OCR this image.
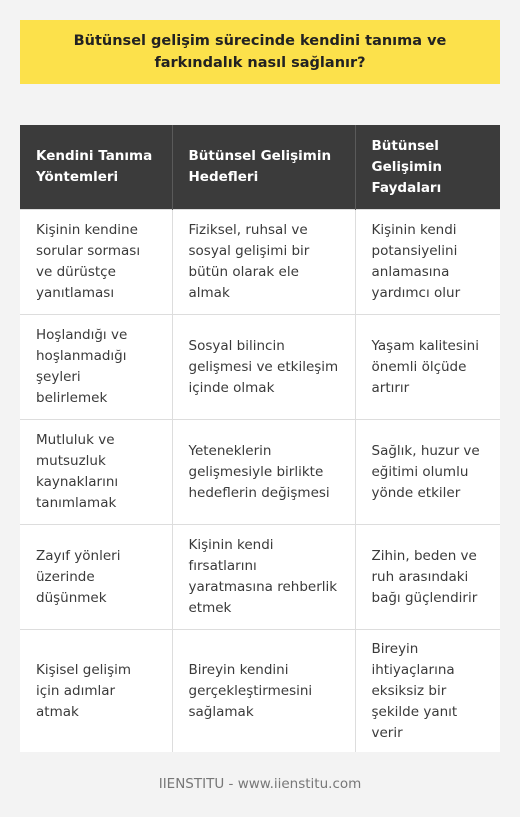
Bütünsel gelişim sürecinde kendini tanıma ve farkındalık nasıl sağlanır?
Kendini Tanıma Yöntemleri	Bütünsel Gelişimin Hedefleri	Bütünsel Gelişimin Faydaları
Kişinin kendine sorular sorması ve dürüstçe yanıtlaması	Fiziksel, ruhsal ve sosyal gelişimi bir bütün olarak ele almak	Kişinin kendi potansiyelini anlamasına yardımcı olur
Hoşlandığı ve hoşlanmadığı şeyleri belirlemek	Sosyal bilincin gelişmesi ve etkileşim içinde olmak	Yaşam kalitesini önemli ölçüde artırır
Mutluluk ve mutsuzluk kaynaklarını tanımlamak	Yeteneklerin gelişmesiyle birlikte hedeflerin değişmesi	Sağlık, huzur ve eğitimi olumlu yönde etkiler
Zayıf yönleri üzerinde düşünmek	Kişinin kendi fırsatlarını yaratmasına rehberlik etmek	Zihin, beden ve ruh arasındaki bağı güçlendirir
Kişisel gelişim için adımlar atmak	Bireyin kendini gerçekleştirmesini sağlamak	Bireyin ihtiyaçlarına eksiksiz bir şekilde yanıt verir
IIENSTITU - www.iienstitu.com
